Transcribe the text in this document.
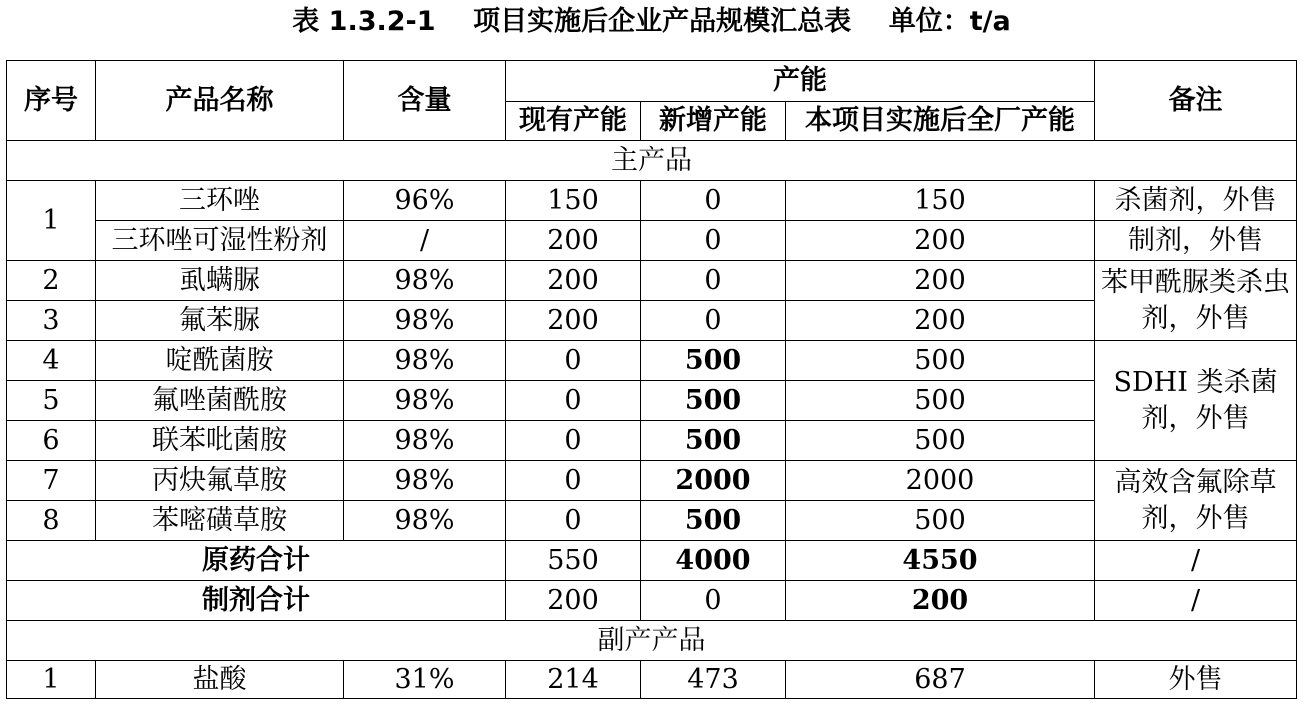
表 1.3.2-1    项目实施后企业产品规模汇总表    单位：t/a
序号	产品名称	含量	产能			备注
			现有产能	新增产能	本项目实施后全厂产能	
主产品						
1	三环唑	96%	150	0	150	杀菌剂，外售
	三环唑可湿性粉剂	/	200	0	200	制剂，外售
2	虱螨脲	98%	200	0	200	苯甲酰脲类杀虫剂，外售
3	氟苯脲	98%	200	0	200	
4	啶酰菌胺	98%	0	500	500	SDHI 类杀菌剂，外售
5	氟唑菌酰胺	98%	0	500	500	
6	联苯吡菌胺	98%	0	500	500	
7	丙炔氟草胺	98%	0	2000	2000	高效含氟除草剂，外售
8	苯嘧磺草胺	98%	0	500	500	
原药合计			550	4000	4550	/
制剂合计			200	0	200	/
副产产品						
1	盐酸	31%	214	473	687	外售
